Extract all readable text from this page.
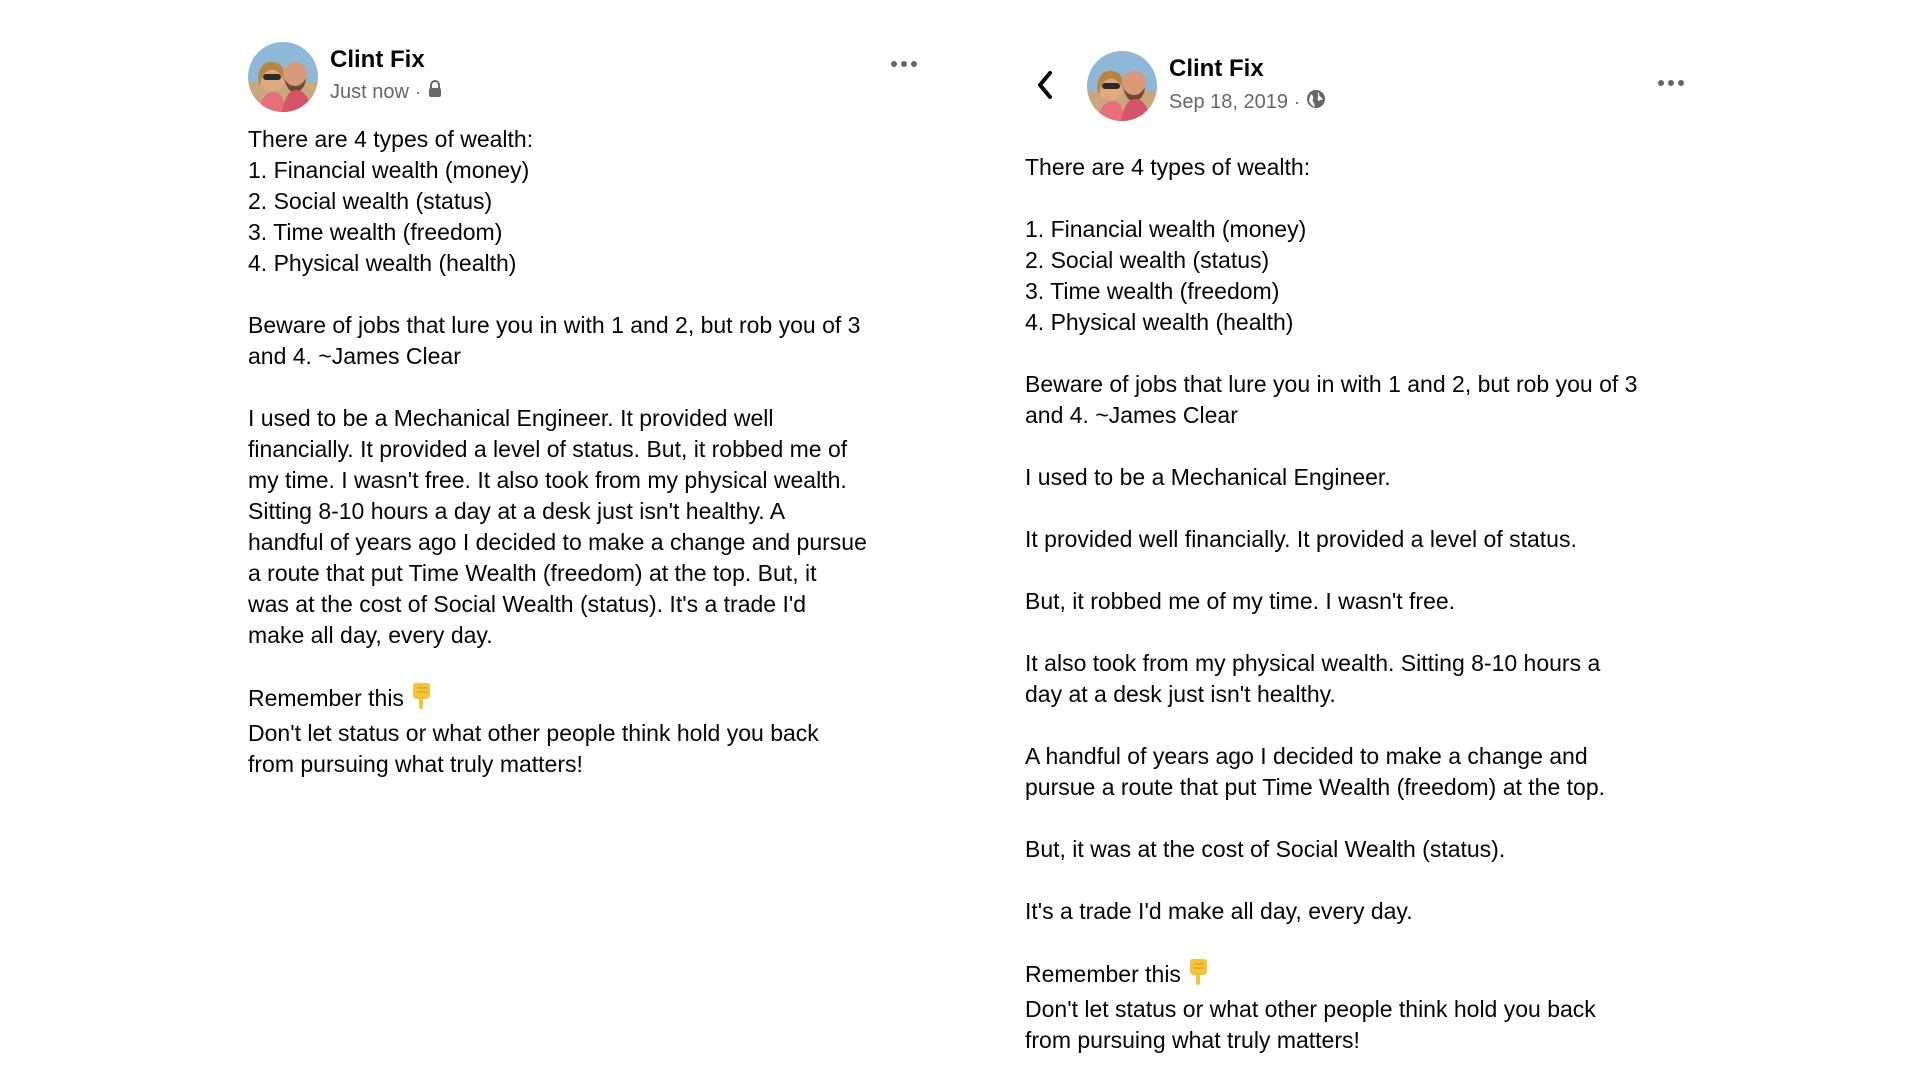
Clint Fix
Just now ·
There are 4 types of wealth:
1. Financial wealth (money)
2. Social wealth (status)
3. Time wealth (freedom)
4. Physical wealth (health)
Beware of jobs that lure you in with 1 and 2, but rob you of 3
and 4. ~James Clear
I used to be a Mechanical Engineer. It provided well
financially. It provided a level of status. But, it robbed me of
my time. I wasn't free. It also took from my physical wealth.
Sitting 8-10 hours a day at a desk just isn't healthy. A
handful of years ago I decided to make a change and pursue
a route that put Time Wealth (freedom) at the top. But, it
was at the cost of Social Wealth (status). It's a trade I'd
make all day, every day.
Remember this
Don't let status or what other people think hold you back
from pursuing what truly matters!
Clint Fix
Sep 18, 2019 ·
There are 4 types of wealth:
1. Financial wealth (money)
2. Social wealth (status)
3. Time wealth (freedom)
4. Physical wealth (health)
Beware of jobs that lure you in with 1 and 2, but rob you of 3
and 4. ~James Clear
I used to be a Mechanical Engineer.
It provided well financially. It provided a level of status.
But, it robbed me of my time. I wasn't free.
It also took from my physical wealth. Sitting 8-10 hours a
day at a desk just isn't healthy.
A handful of years ago I decided to make a change and
pursue a route that put Time Wealth (freedom) at the top.
But, it was at the cost of Social Wealth (status).
It's a trade I'd make all day, every day.
Remember this
Don't let status or what other people think hold you back
from pursuing what truly matters!
